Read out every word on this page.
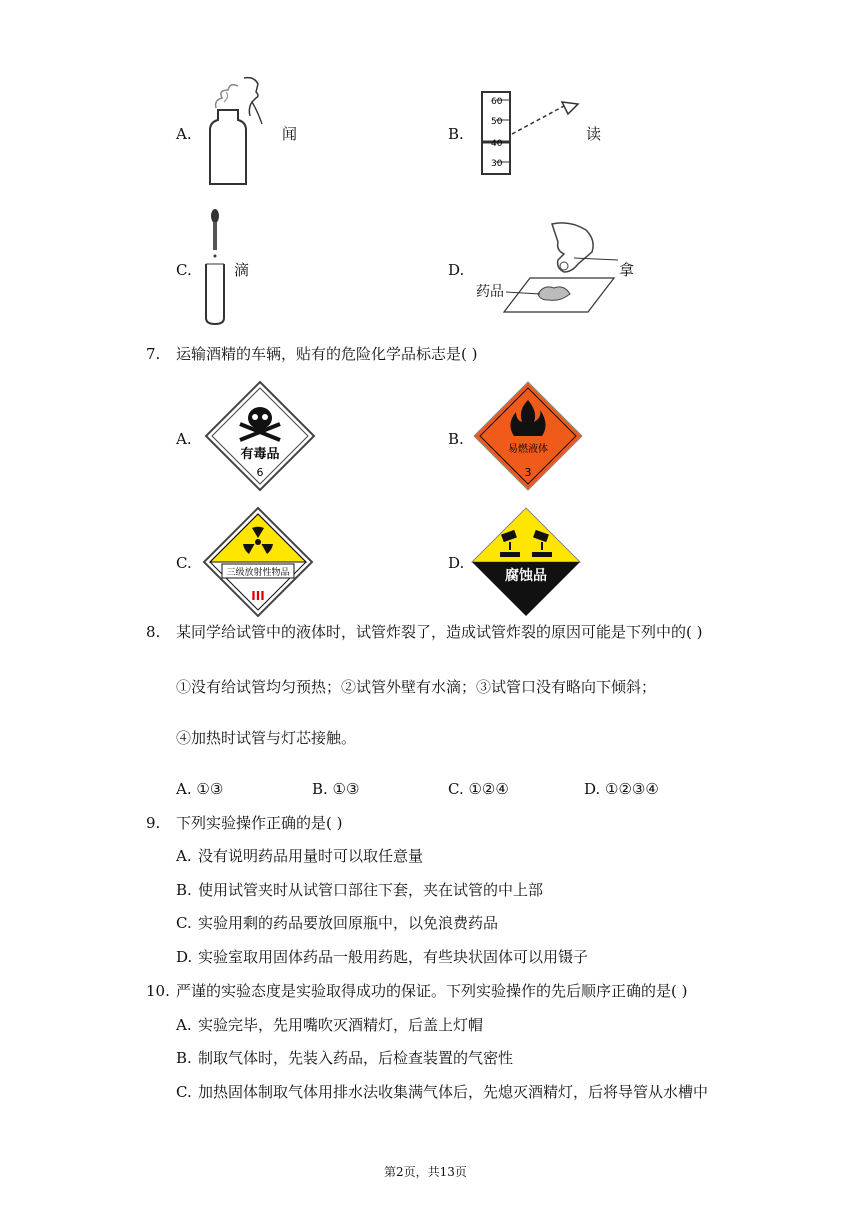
A.	闻	B.
60
50
40
30
读
C.	滴	D.
药品
拿
7. 运输酒精的车辆，贴有的危险化学品标志是( )
A.
有毒品
6
B.
易燃液体
3
C.
三级放射性物品
III
D.
腐蚀品
8. 某同学给试管中的液体时，试管炸裂了，造成试管炸裂的原因可能是下列中的( )
①没有给试管均匀预热；②试管外壁有水滴；③试管口没有略向下倾斜；
④加热时试管与灯芯接触。
A. ①③	B. ①③	C. ①②④	D. ①②③④
9. 下列实验操作正确的是( )
A. 没有说明药品用量时可以取任意量
B. 使用试管夹时从试管口部往下套，夹在试管的中上部
C. 实验用剩的药品要放回原瓶中，以免浪费药品
D. 实验室取用固体药品一般用药匙，有些块状固体可以用镊子
10. 严谨的实验态度是实验取得成功的保证。下列实验操作的先后顺序正确的是( )
A. 实验完毕，先用嘴吹灭酒精灯，后盖上灯帽
B. 制取气体时，先装入药品，后检查装置的气密性
C. 加热固体制取气体用排水法收集满气体后，先熄灭酒精灯，后将导管从水槽中
第2页，共13页
